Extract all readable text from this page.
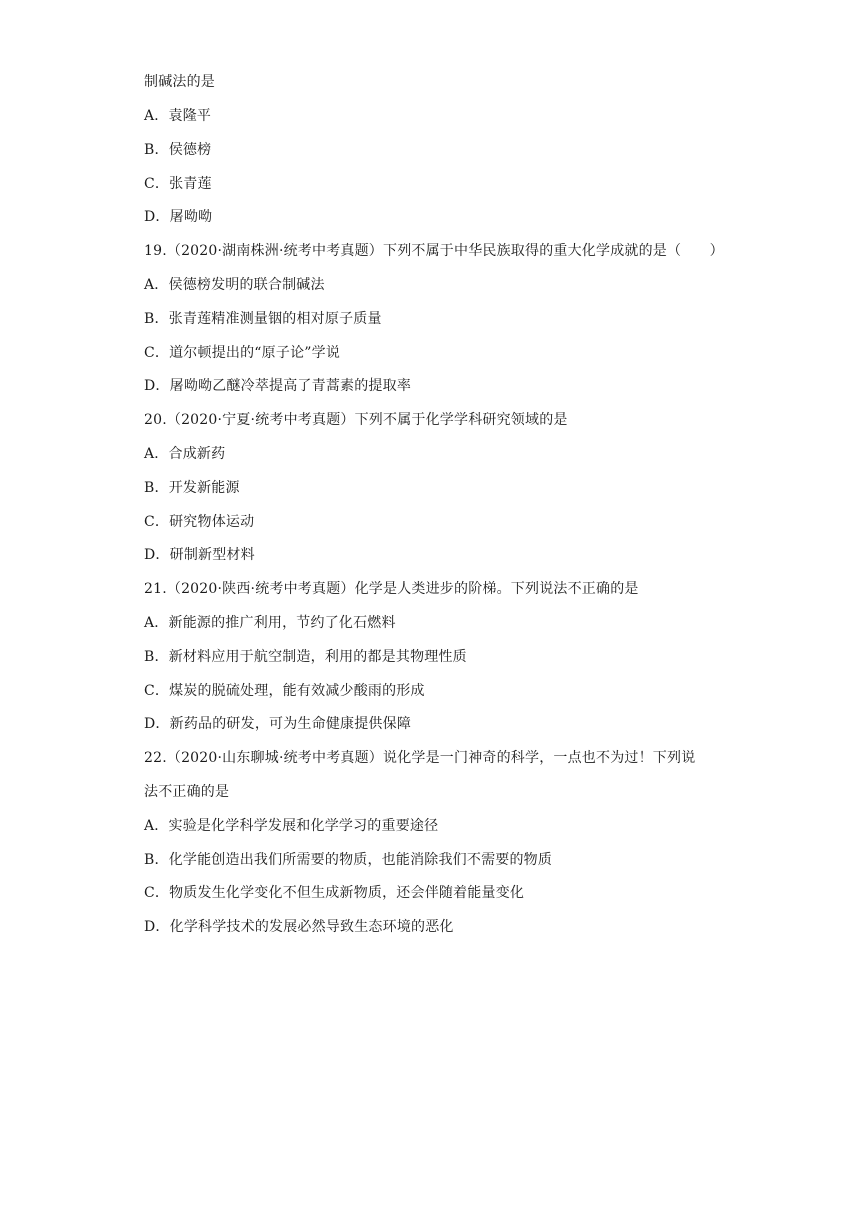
制碱法的是
A．袁隆平
B．侯德榜
C．张青莲
D．屠呦呦
19.（2020·湖南株洲·统考中考真题）下列不属于中华民族取得的重大化学成就的是（　　）
A．侯德榜发明的联合制碱法
B．张青莲精准测量铟的相对原子质量
C．道尔顿提出的“原子论”学说
D．屠呦呦乙醚冷萃提高了青蒿素的提取率
20.（2020·宁夏·统考中考真题）下列不属于化学学科研究领域的是
A．合成新药
B．开发新能源
C．研究物体运动
D．研制新型材料
21.（2020·陕西·统考中考真题）化学是人类进步的阶梯。下列说法不正确的是
A．新能源的推广利用，节约了化石燃料
B．新材料应用于航空制造，利用的都是其物理性质
C．煤炭的脱硫处理，能有效减少酸雨的形成
D．新药品的研发，可为生命健康提供保障
22.（2020·山东聊城·统考中考真题）说化学是一门神奇的科学，一点也不为过！下列说
法不正确的是
A．实验是化学科学发展和化学学习的重要途径
B．化学能创造出我们所需要的物质，也能消除我们不需要的物质
C．物质发生化学变化不但生成新物质，还会伴随着能量变化
D．化学科学技术的发展必然导致生态环境的恶化
